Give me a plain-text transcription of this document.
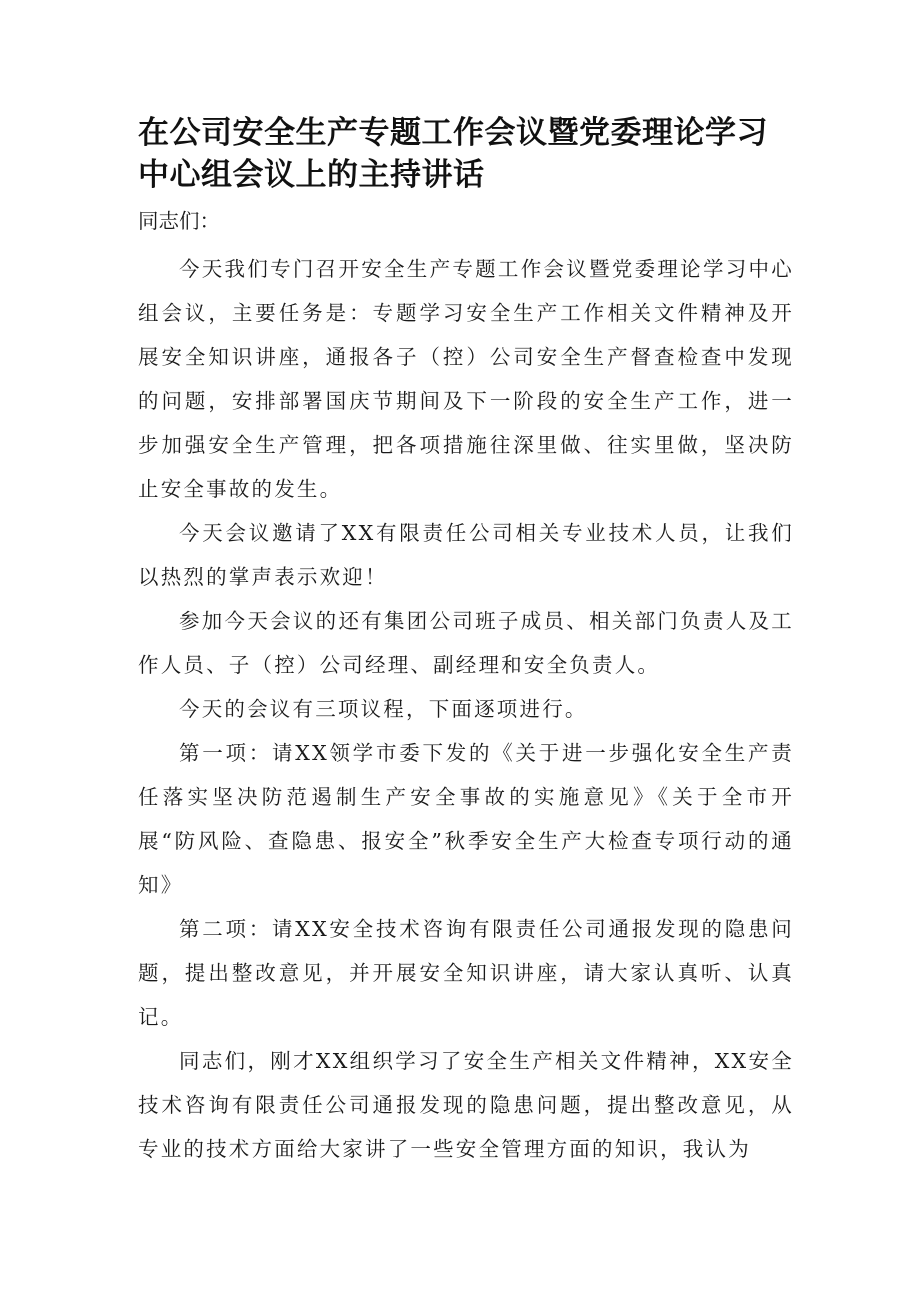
在公司安全生产专题工作会议暨党委理论学习中心组会议上的主持讲话
同志们：

今天我们专门召开安全生产专题工作会议暨党委理论学习中心组会议，主要任务是：专题学习安全生产工作相关文件精神及开展安全知识讲座，通报各子（控）公司安全生产督查检查中发现的问题，安排部署国庆节期间及下一阶段的安全生产工作，进一步加强安全生产管理，把各项措施往深里做、往实里做，坚决防止安全事故的发生。

今天会议邀请了XX有限责任公司相关专业技术人员，让我们以热烈的掌声表示欢迎！

参加今天会议的还有集团公司班子成员、相关部门负责人及工作人员、子（控）公司经理、副经理和安全负责人。

今天的会议有三项议程，下面逐项进行。

第一项：请XX领学市委下发的《关于进一步强化安全生产责任落实坚决防范遏制生产安全事故的实施意见》《关于全市开展“防风险、查隐患、报安全”秋季安全生产大检查专项行动的通知》

第二项：请XX安全技术咨询有限责任公司通报发现的隐患问题，提出整改意见，并开展安全知识讲座，请大家认真听、认真记。

同志们，刚才XX组织学习了安全生产相关文件精神，XX安全技术咨询有限责任公司通报发现的隐患问题，提出整改意见，从专业的技术方面给大家讲了一些安全管理方面的知识，我认为
